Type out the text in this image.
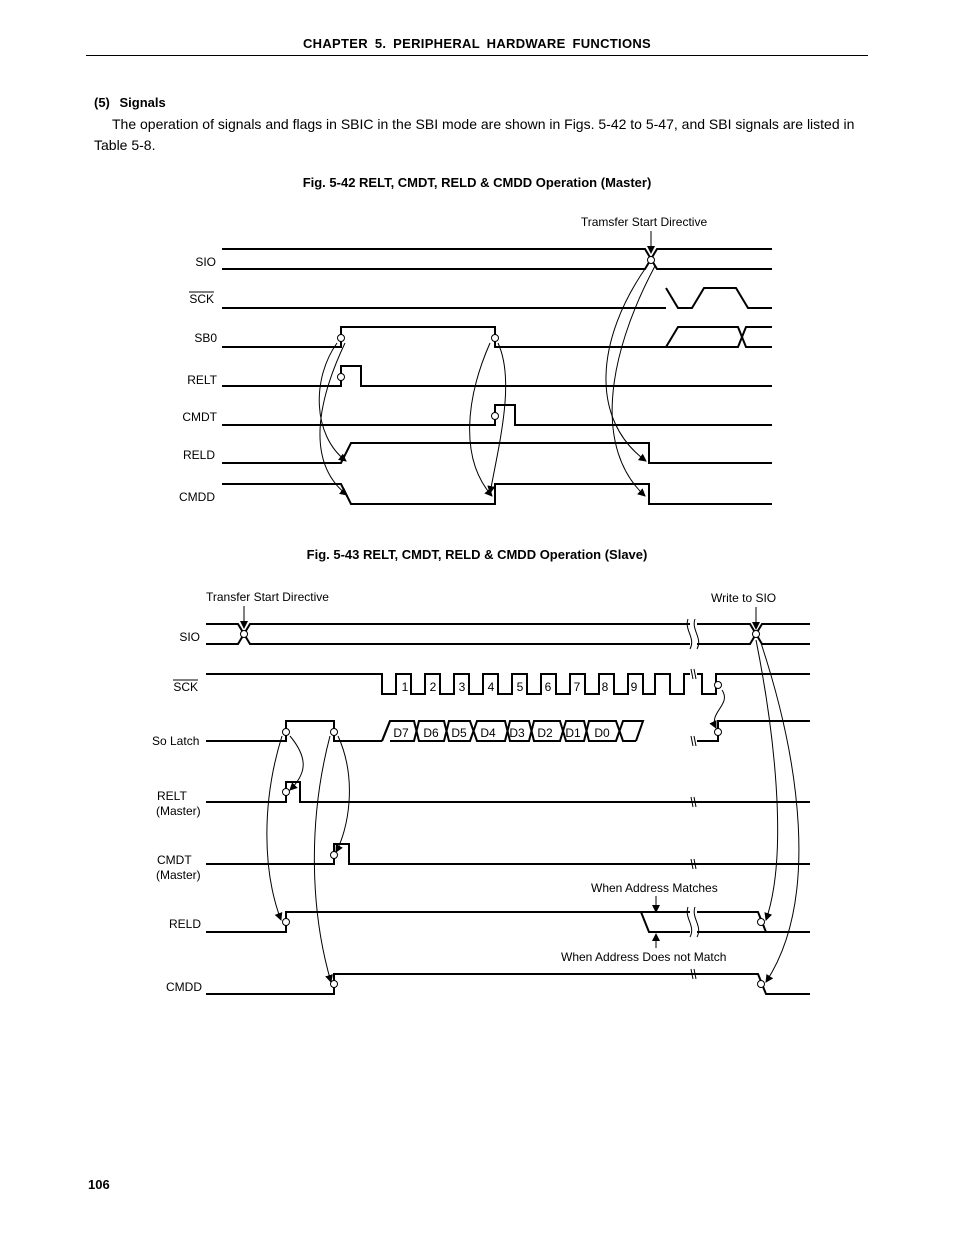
CHAPTER 5. PERIPHERAL HARDWARE FUNCTIONS
(5) Signals
The operation of signals and flags in SBIC in the SBI mode are shown in Figs. 5-42 to 5-47, and SBI signals are listed in Table 5-8.
Fig. 5-42 RELT, CMDT, RELD & CMDD Operation (Master)
Tramsfer Start Directive
SIO
SCK
SB0
RELT
CMDT
RELD
CMDD
Fig. 5-43 RELT, CMDT, RELD & CMDD Operation (Slave)
Transfer Start Directive	Write to SIO
When Address Matches
When Address Does not Match
SIO
SCK
So Latch
RELT
(Master)
CMDT
(Master)
RELD
CMDD
1 2 3 4 5 6 7 8 9
D7 D6 D5 D4 D3 D2 D1 D0
106
